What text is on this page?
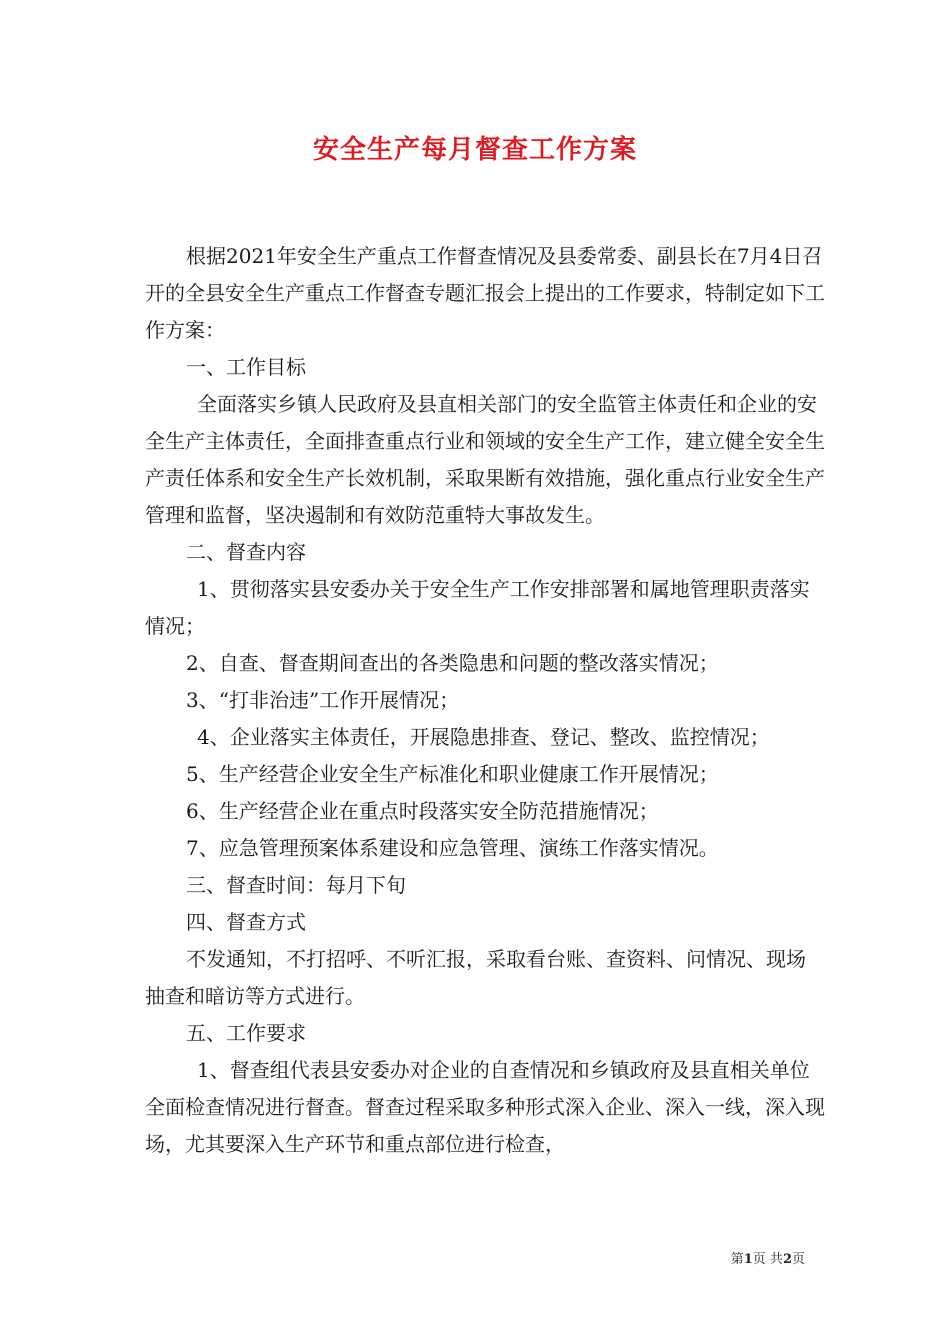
安全生产每月督查工作方案

根据2021年安全生产重点工作督查情况及县委常委、副县长在7月4日召开的全县安全生产重点工作督查专题汇报会上提出的工作要求，特制定如下工作方案：

一、工作目标

全面落实乡镇人民政府及县直相关部门的安全监管主体责任和企业的安全生产主体责任，全面排查重点行业和领域的安全生产工作，建立健全安全生产责任体系和安全生产长效机制，采取果断有效措施，强化重点行业安全生产管理和监督，坚决遏制和有效防范重特大事故发生。

二、督查内容

1、贯彻落实县安委办关于安全生产工作安排部署和属地管理职责落实情况；

2、自查、督查期间查出的各类隐患和问题的整改落实情况；

3、“打非治违”工作开展情况；

4、企业落实主体责任，开展隐患排查、登记、整改、监控情况；

5、生产经营企业安全生产标准化和职业健康工作开展情况；

6、生产经营企业在重点时段落实安全防范措施情况；

7、应急管理预案体系建设和应急管理、演练工作落实情况。

三、督查时间：每月下旬

四、督查方式

不发通知，不打招呼、不听汇报，采取看台账、查资料、问情况、现场抽查和暗访等方式进行。

五、工作要求

1、督查组代表县安委办对企业的自查情况和乡镇政府及县直相关单位全面检查情况进行督查。督查过程采取多种形式深入企业、深入一线，深入现场，尤其要深入生产环节和重点部位进行检查，

第1页 共2页
